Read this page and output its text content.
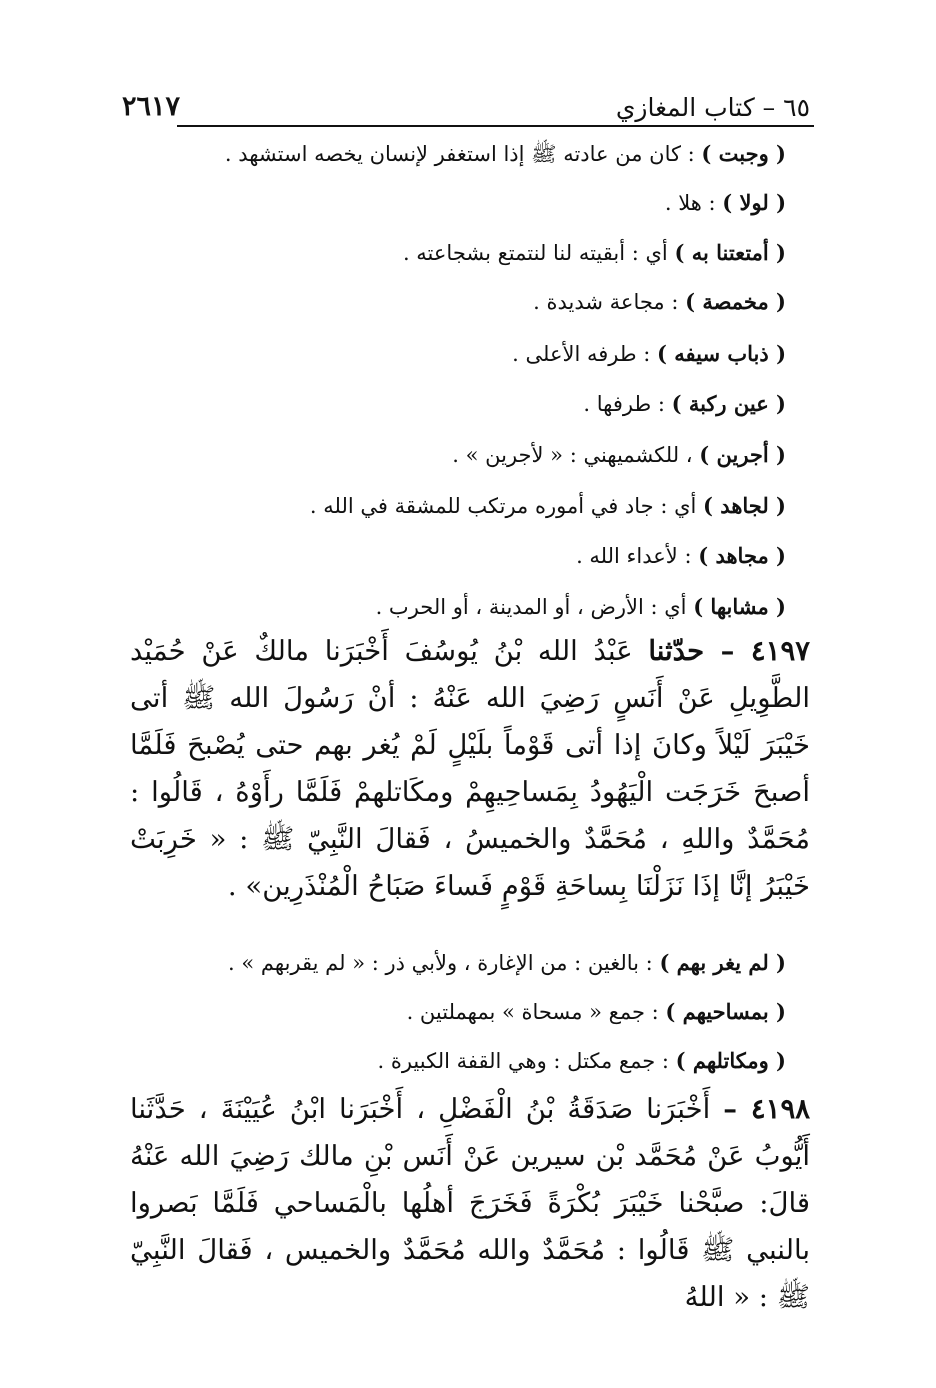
٢٦١٧	٦٥ – كتاب المغازي
( وجبت ) : كان من عادته ﷺ إذا استغفر لإنسان يخصه استشهد .
( لولا ) : هلا .
( أمتعتنا به ) أي : أبقيته لنا لنتمتع بشجاعته .
( مخمصة ) : مجاعة شديدة .
( ذباب سيفه ) : طرفه الأعلى .
( عين ركبة ) : طرفها .
( أجرين ) ، للكشميهني : « لأجرين » .
( لجاهد ) أي : جاد في أموره مرتكب للمشقة في الله .
( مجاهد ) : لأعداء الله .
( مشابها ) أي : الأرض ، أو المدينة ، أو الحرب .

٤١٩٧ – حدّثنا عَبْدُ الله بْنُ يُوسُفَ أَخْبَرَنا مالكٌ عَنْ حُمَيْد الطَّوِيلِ عَنْ أَنَسٍ رَضِيَ الله عَنْهُ : أنْ رَسُولَ الله ﷺ أتى خَيْبَرَ لَيْلاً وكانَ إذا أتى قَوْماً بلَيْلٍ لَمْ يُغر بهم حتى يُصْبحَ فَلَمَّا أصبحَ خَرَجَت الْيَهُودُ بِمَساحِيهِمْ ومكَاتلهمْ فَلَمَّا رأَوْهُ ، قَالُوا : مُحَمَّدٌ واللهِ ، مُحَمَّدٌ والخميسُ ، فَقالَ النَّبِيّ ﷺ : « خَرِبَتْ خَيْبَرُ إنَّا إذَا نَزَلْنَا بِساحَةِ قَوْمٍ فَساءَ صَبَاحُ الْمُنْذَرِين» .

( لم يغر بهم ) : بالغين : من الإغارة ، ولأبي ذر : « لم يقربهم » .
( بمساحيهم ) : جمع « مسحاة » بمهملتين .
( ومكاتلهم ) : جمع مكتل : وهي القفة الكبيرة .

٤١٩٨ – أَخْبَرَنا صَدَقَةُ بْنُ الْفَضْلِ ، أَخْبَرَنا ابْنُ عُيَيْنَةَ ، حَدَّثَنا أَيُّوبُ عَنْ مُحَمَّد بْن سيرين عَنْ أَنَس بْنِ مالك رَضِيَ الله عَنْهُ قالَ: صبَّحْنا خَيْبَرَ بُكْرَةً فَخَرَجَ أهلُها بالْمَساحي فَلَمَّا بَصروا بالنبي ﷺ قَالُوا : مُحَمَّدٌ والله مُحَمَّدٌ والخميس ، فَقالَ النَّبِيّ ﷺ : « اللهُ
